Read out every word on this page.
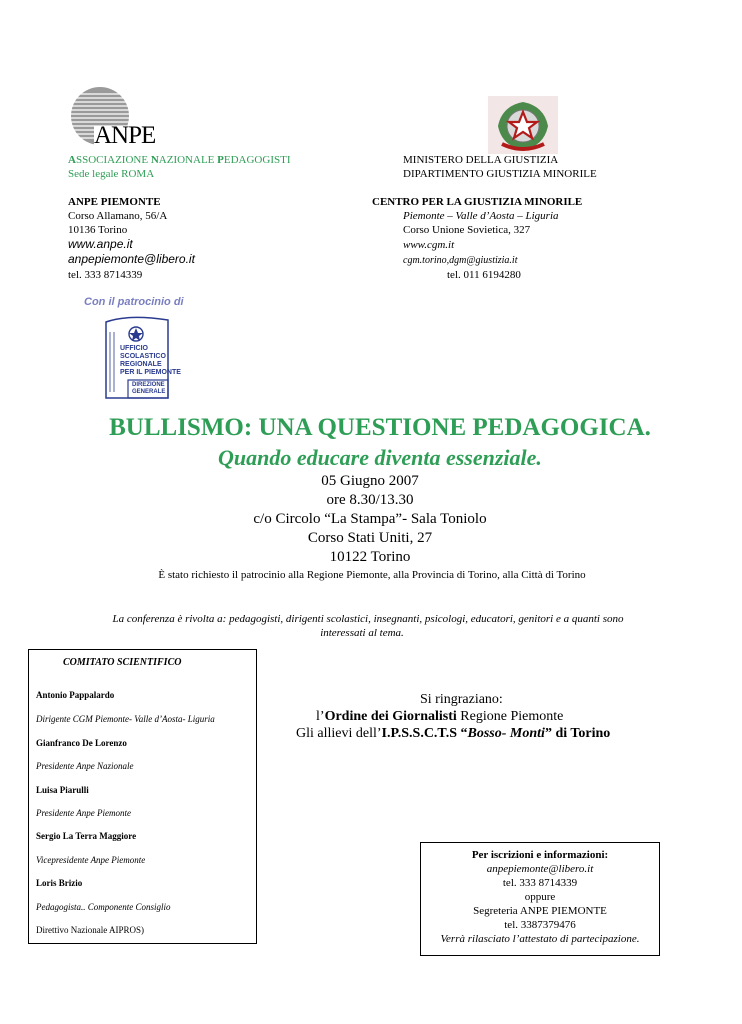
ANPE
ASSOCIAZIONE NAZIONALE PEDAGOGISTI
Sede legale ROMA
ANPE PIEMONTE
Corso Allamano, 56/A
10136 Torino
www.anpe.it
anpepiemonte@libero.it
tel. 333 8714339
MINISTERO DELLA GIUSTIZIA
DIPARTIMENTO GIUSTIZIA MINORILE
CENTRO PER LA GIUSTIZIA MINORILE
Piemonte – Valle d’Aosta – Liguria
Corso Unione Sovietica, 327
www.cgm.it
cgm.torino,dgm@giustizia.it
tel. 011 6194280
Con il patrocinio di
UFFICIO
SCOLASTICO
REGIONALE
PER IL PIEMONTE
DIREZIONE
GENERALE
BULLISMO: UNA QUESTIONE PEDAGOGICA.
Quando educare diventa essenziale.
05 Giugno 2007
ore 8.30/13.30
c/o Circolo “La Stampa”- Sala Toniolo
Corso Stati Uniti, 27
10122 Torino
È stato richiesto il patrocinio alla Regione Piemonte, alla Provincia di Torino, alla Città di Torino
La conferenza è rivolta a: pedagogisti, dirigenti scolastici, insegnanti, psicologi, educatori, genitori e a quanti sono
interessati al tema.
COMITATO SCIENTIFICO
Antonio Pappalardo
Dirigente CGM Piemonte- Valle d’Aosta- Liguria
Gianfranco De Lorenzo
Presidente Anpe Nazionale
Luisa Piarulli
Presidente Anpe Piemonte
Sergio La Terra Maggiore
Vicepresidente Anpe Piemonte
Loris Brizio
Pedagogista.. Componente Consiglio
Direttivo Nazionale AIPROS)
Si ringraziano:
l’Ordine dei Giornalisti Regione Piemonte
Gli allievi dell’I.P.S.S.C.T.S “Bosso- Monti” di Torino
Per iscrizioni e informazioni:
anpepiemonte@libero.it
tel. 333 8714339
oppure
Segreteria ANPE PIEMONTE
tel. 3387379476
Verrà rilasciato l’attestato di partecipazione.
